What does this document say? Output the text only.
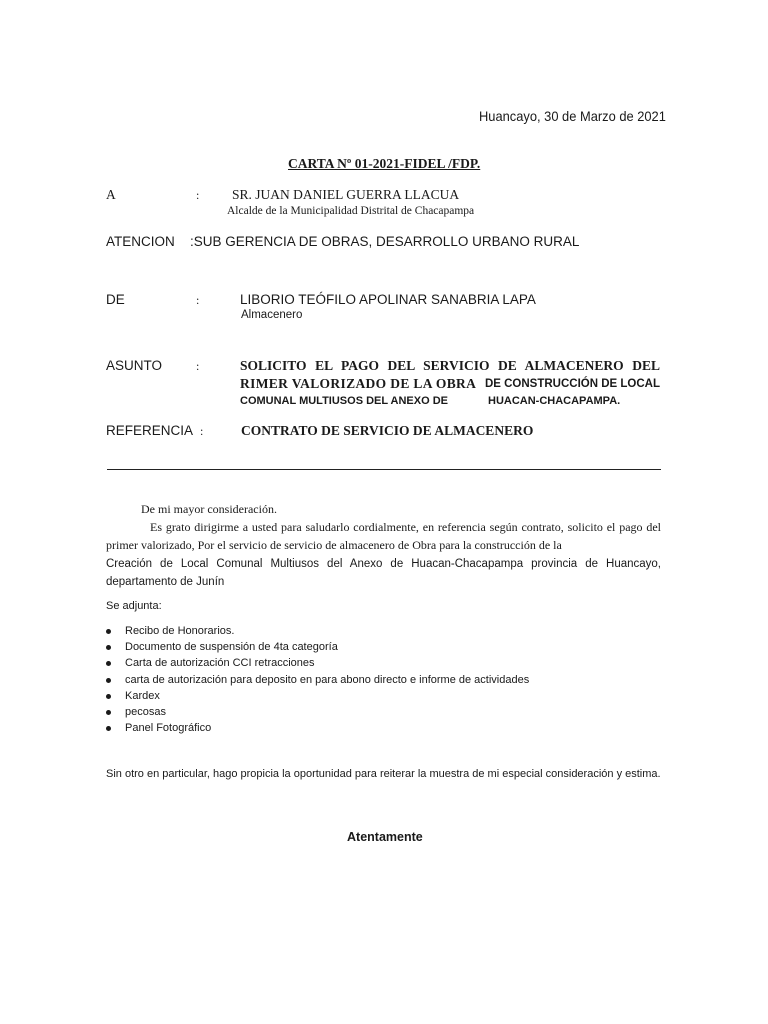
Huancayo, 30 de Marzo de 2021
CARTA Nº 01-2021-FIDEL /FDP.
A	: SR. JUAN DANIEL GUERRA LLACUA
Alcalde de la Municipalidad Distrital de Chacapampa
ATENCION :SUB GERENCIA DE OBRAS, DESARROLLO URBANO RURAL
DE	:	LIBORIO TEÓFILO APOLINAR SANABRIA LAPA
Almacenero
ASUNTO	:	SOLICITO EL PAGO DEL SERVICIO DE ALMACENERO DEL
RIMER VALORIZADO DE LA OBRA DE CONSTRUCCIÓN DE LOCAL
COMUNAL MULTIUSOS DEL ANEXO DE	HUACAN-CHACAPAMPA.
REFERENCIA :	CONTRATO DE SERVICIO DE ALMACENERO
De mi mayor consideración.
Es grato dirigirme a usted para saludarlo cordialmente, en referencia según contrato, solicito el pago del primer valorizado, Por el servicio de servicio de almacenero de Obra para la construcción de la
Creación de Local Comunal Multiusos del Anexo de Huacan-Chacapampa provincia de Huancayo, departamento de Junín
Se adjunta:
Recibo de Honorarios.
Documento de suspensión de 4ta categoría
Carta de autorización CCI retracciones
carta de autorización para deposito en para abono directo e informe de actividades
Kardex
pecosas
Panel Fotográfico
Sin otro en particular, hago propicia la oportunidad para reiterar la muestra de mi especial consideración y estima.
Atentamente
